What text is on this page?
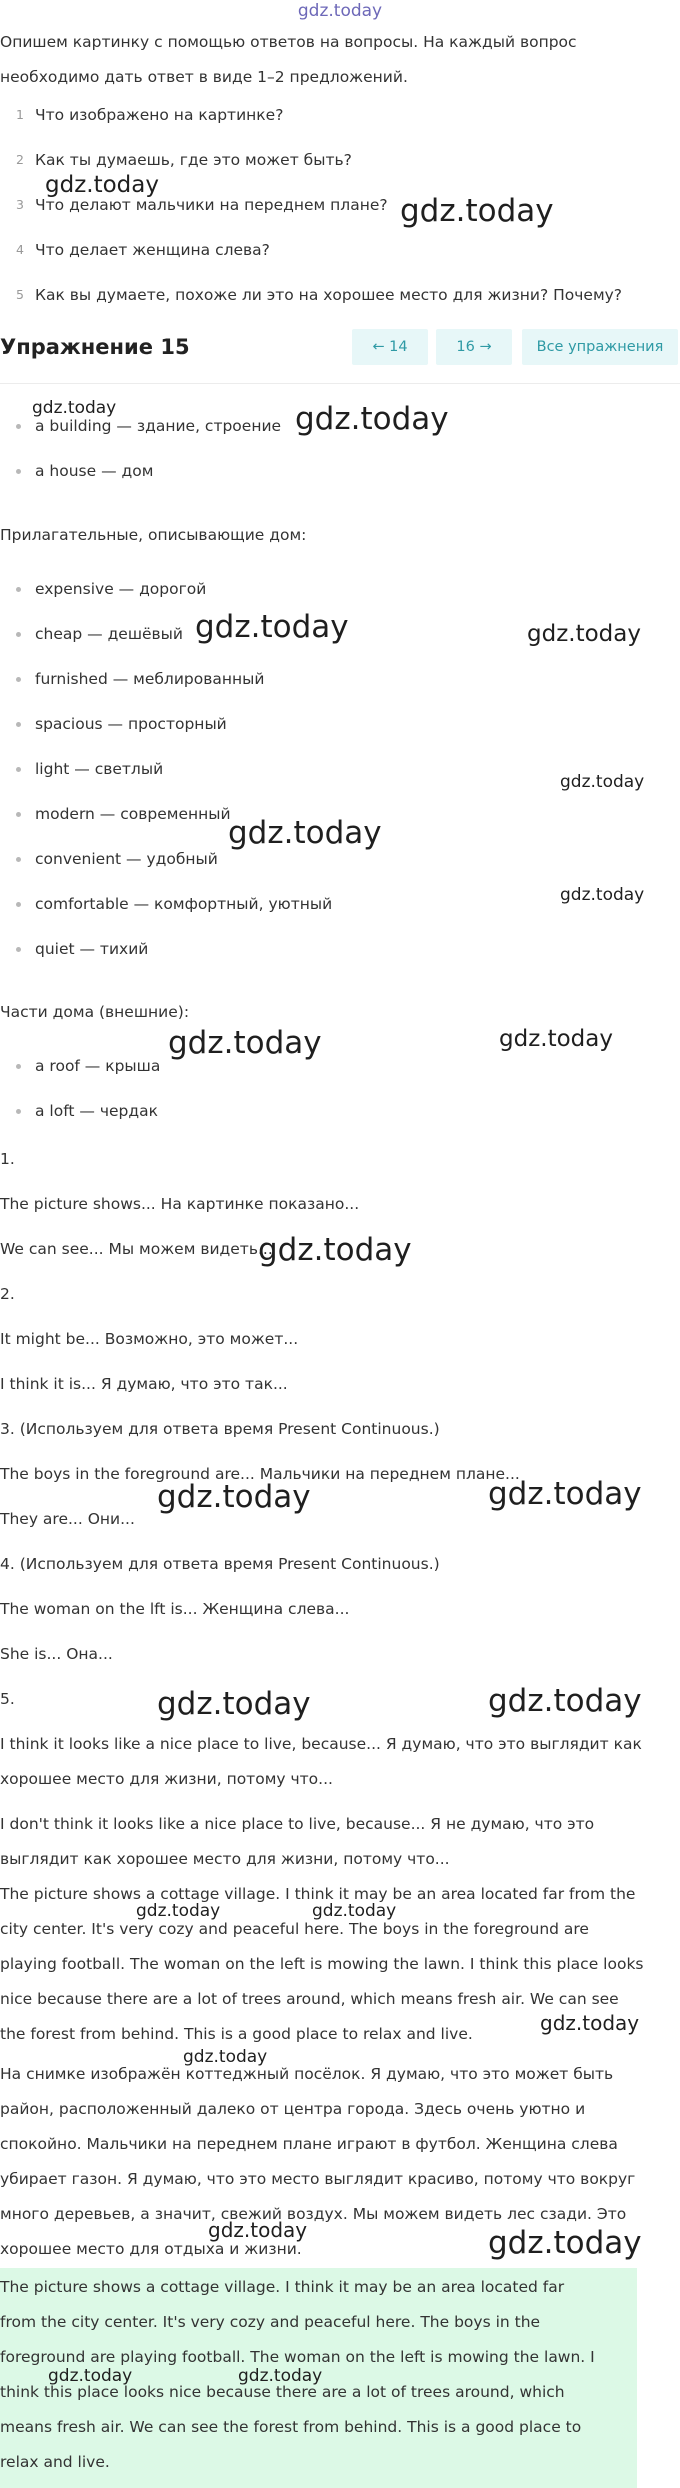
gdz.today
Опишем картинку с помощью ответов на вопросы. На каждый вопрос
необходимо дать ответ в виде 1–2 предложений.
1 Что изображено на картинке?
2 Как ты думаешь, где это может быть?
3 Что делают мальчики на переднем плане?
4 Что делает женщина слева?
5 Как вы думаете, похоже ли это на хорошее место для жизни? Почему?
Упражнение 15	← 14	16 →	Все упражнения
a building — здание, строение
a house — дом
Прилагательные, описывающие дом:
expensive — дорогой
cheap — дешёвый
furnished — меблированный
spacious — просторный
light — светлый
modern — современный
convenient — удобный
comfortable — комфортный, уютный
quiet — тихий
Части дома (внешние):
a roof — крыша
a loft — чердак
1.
The picture shows... На картинке показано...
We can see... Мы можем видеть...
2.
It might be... Возможно, это может...
I think it is... Я думаю, что это так...
3. (Используем для ответа время Present Continuous.)
The boys in the foreground are... Мальчики на переднем плане...
They are... Они...
4. (Используем для ответа время Present Continuous.)
The woman on the lft is... Женщина слева...
She is... Она...
5.
I think it looks like a nice place to live, because... Я думаю, что это выглядит как
хорошее место для жизни, потому что...
I don't think it looks like a nice place to live, because... Я не думаю, что это
выглядит как хорошее место для жизни, потому что...
The picture shows a cottage village. I think it may be an area located far from the
city center. It's very cozy and peaceful here. The boys in the foreground are
playing football. The woman on the left is mowing the lawn. I think this place looks
nice because there are a lot of trees around, which means fresh air. We can see
the forest from behind. This is a good place to relax and live.
На снимке изображён коттеджный посёлок. Я думаю, что это может быть
район, расположенный далеко от центра города. Здесь очень уютно и
спокойно. Мальчики на переднем плане играют в футбол. Женщина слева
убирает газон. Я думаю, что это место выглядит красиво, потому что вокруг
много деревьев, а значит, свежий воздух. Мы можем видеть лес сзади. Это
хорошее место для отдыха и жизни.
The picture shows a cottage village. I think it may be an area located far
from the city center. It's very cozy and peaceful here. The boys in the
foreground are playing football. The woman on the left is mowing the lawn. I
think this place looks nice because there are a lot of trees around, which
means fresh air. We can see the forest from behind. This is a good place to
relax and live.
gdz.today
gdz.today
gdz.today	gdz.today
gdz.today	gdz.today
gdz.today
gdz.today
gdz.today
gdz.today	gdz.today
gdz.today
gdz.today	gdz.today
gdz.today	gdz.today
gdz.today	gdz.today
gdz.today
gdz.today
gdz.today
gdz.today
gdz.today	gdz.today
